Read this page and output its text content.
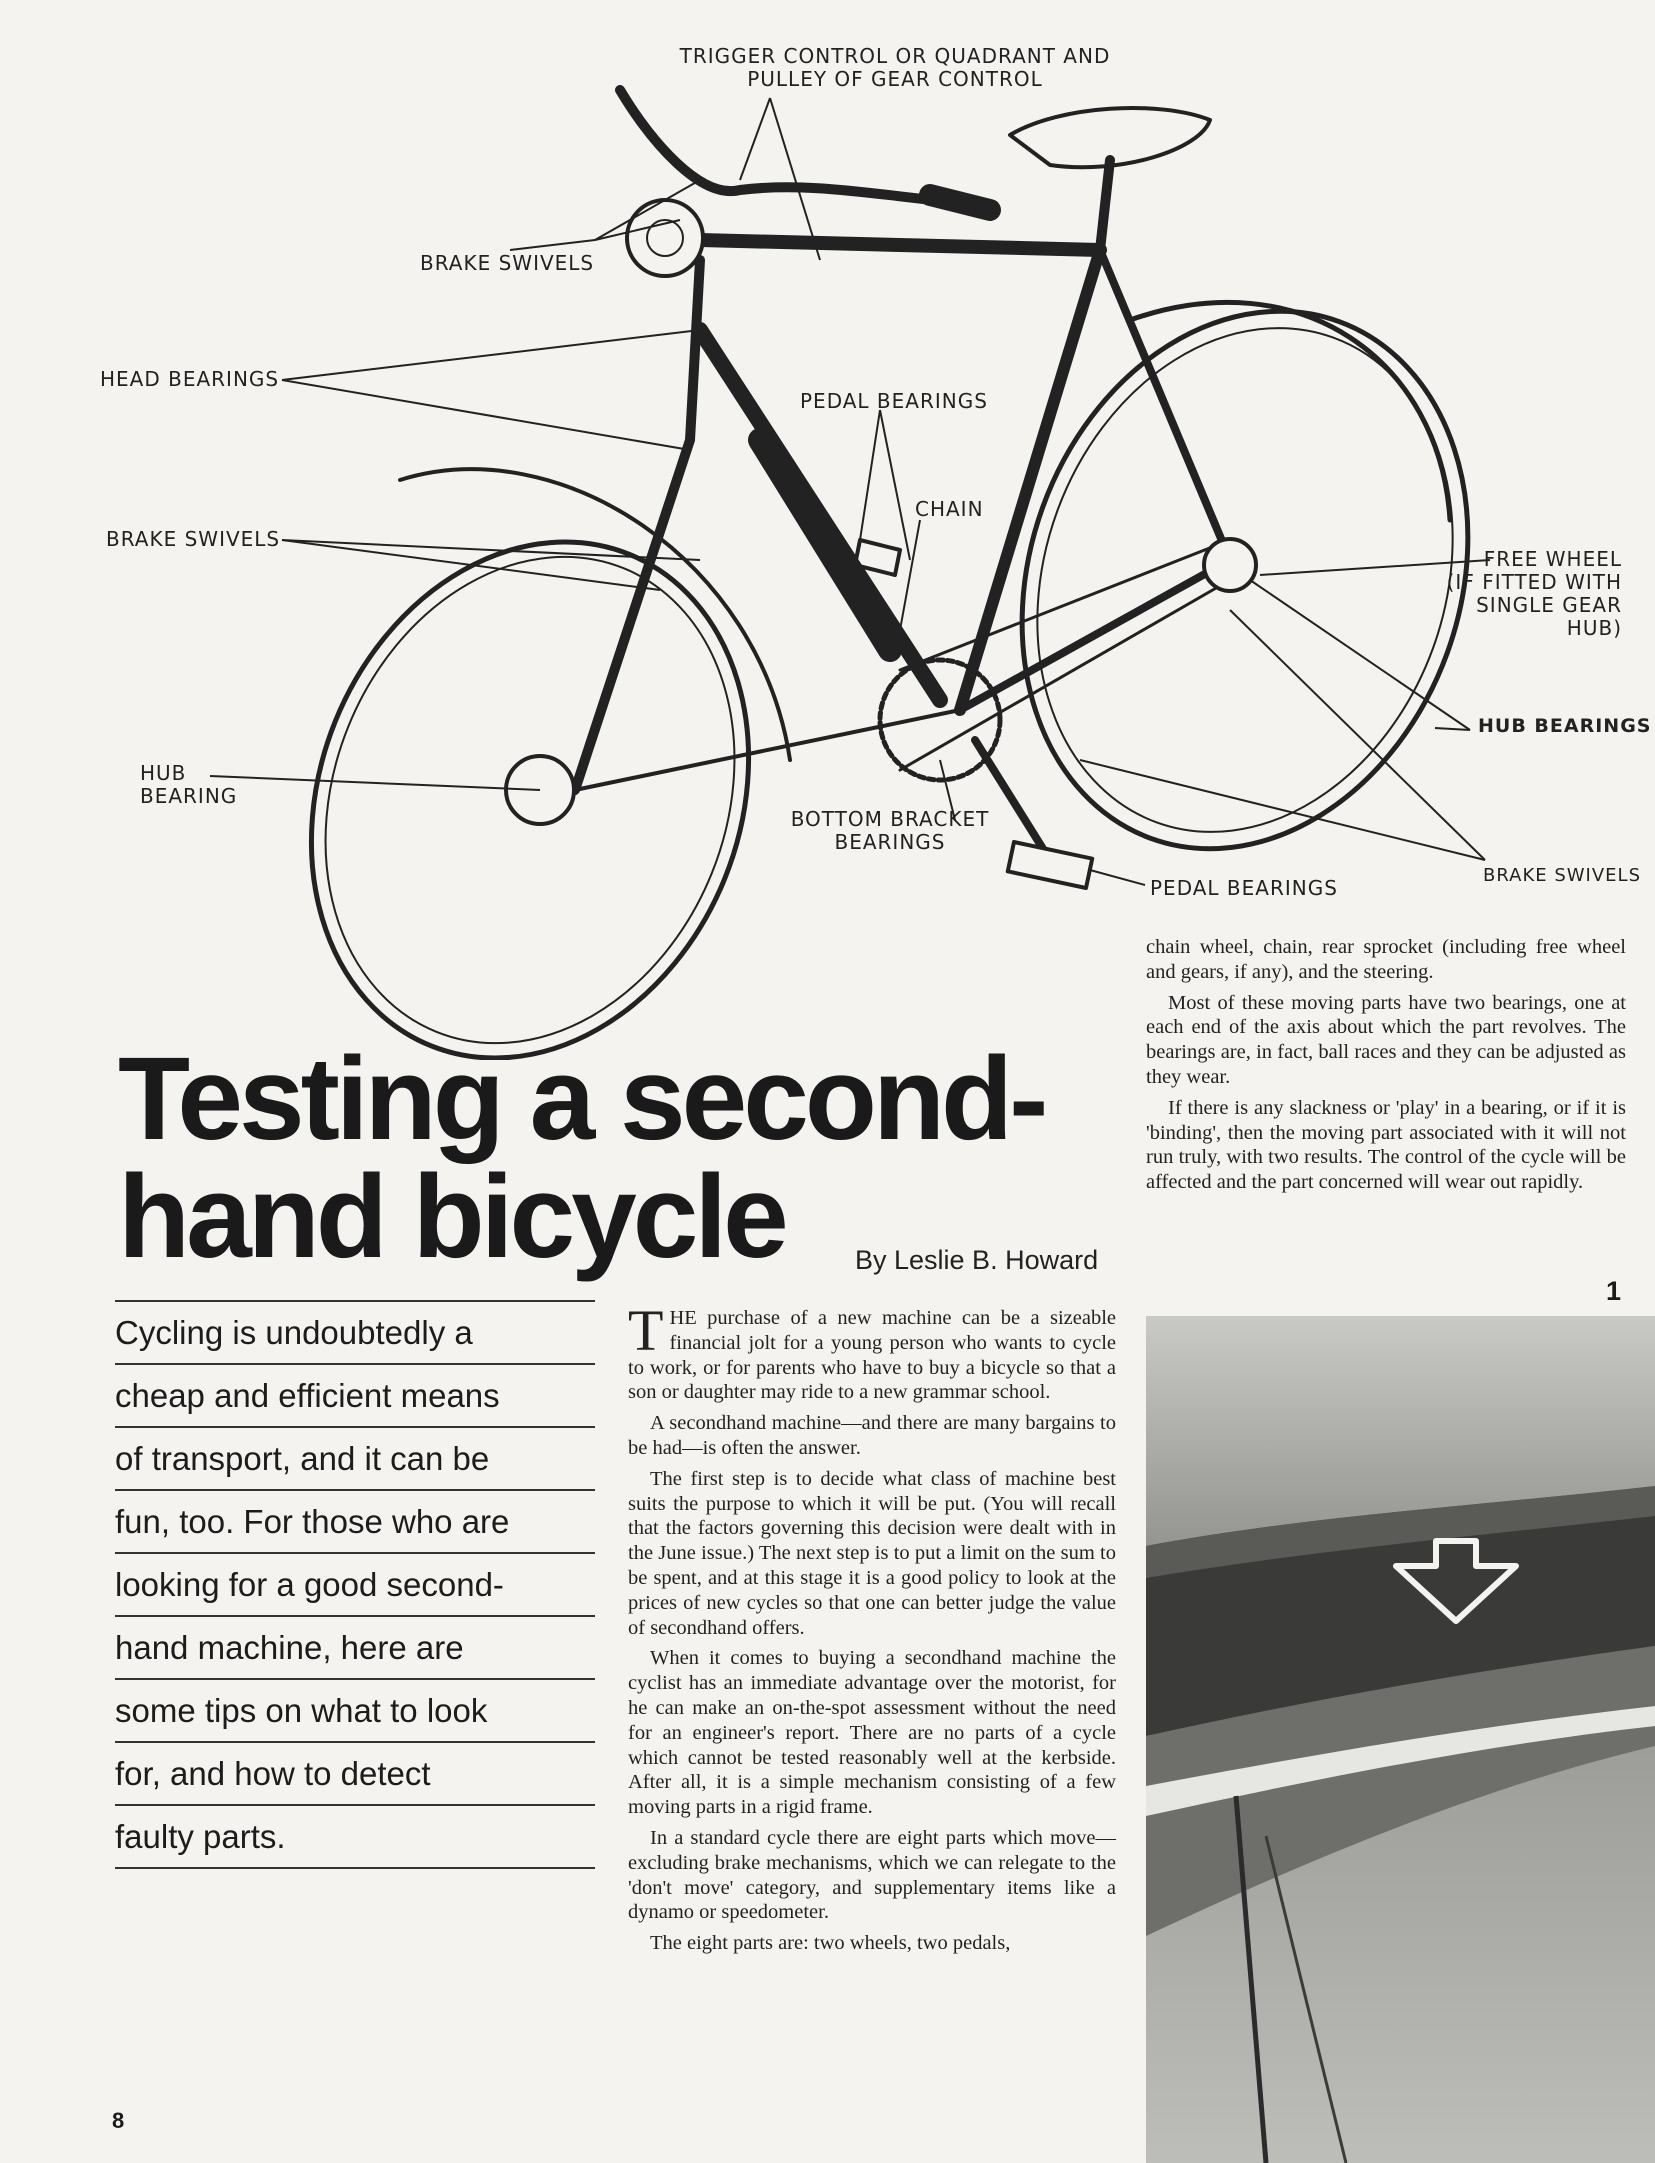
TRIGGER CONTROL OR QUADRANT AND
PULLEY OF GEAR CONTROL
BRAKE SWIVELS
HEAD BEARINGS
PEDAL BEARINGS
CHAIN
BRAKE SWIVELS
FREE WHEEL
(IF FITTED WITH
SINGLE GEAR
HUB)
HUB BEARINGS
HUB
BEARING
BOTTOM BRACKET
BEARINGS
PEDAL BEARINGS
BRAKE SWIVELS
Testing a second-
hand bicycle	By Leslie B. Howard
Cycling is undoubtedly a
cheap and efficient means
of transport, and it can be
fun, too. For those who are
looking for a good second-
hand machine, here are
some tips on what to look
for, and how to detect
faulty parts.

THE purchase of a new machine can be a sizeable financial jolt for a young person who wants to cycle to work, or for parents who have to buy a bicycle so that a son or daughter may ride to a new grammar school.

A secondhand machine—and there are many bargains to be had—is often the answer.

The first step is to decide what class of machine best suits the purpose to which it will be put. (You will recall that the factors governing this decision were dealt with in the June issue.) The next step is to put a limit on the sum to be spent, and at this stage it is a good policy to look at the prices of new cycles so that one can better judge the value of secondhand offers.

When it comes to buying a secondhand machine the cyclist has an immediate advantage over the motorist, for he can make an on-the-spot assessment without the need for an engineer's report. There are no parts of a cycle which cannot be tested reasonably well at the kerbside. After all, it is a simple mechanism consisting of a few moving parts in a rigid frame.

In a standard cycle there are eight parts which move—excluding brake mechanisms, which we can relegate to the 'don't move' category, and supplementary items like a dynamo or speedometer.

The eight parts are: two wheels, two pedals,

chain wheel, chain, rear sprocket (including free wheel and gears, if any), and the steering.

Most of these moving parts have two bearings, one at each end of the axis about which the part revolves. The bearings are, in fact, ball races and they can be adjusted as they wear.

If there is any slackness or 'play' in a bearing, or if it is 'binding', then the moving part associated with it will not run truly, with two results. The control of the cycle will be affected and the part concerned will wear out rapidly.

1
8
